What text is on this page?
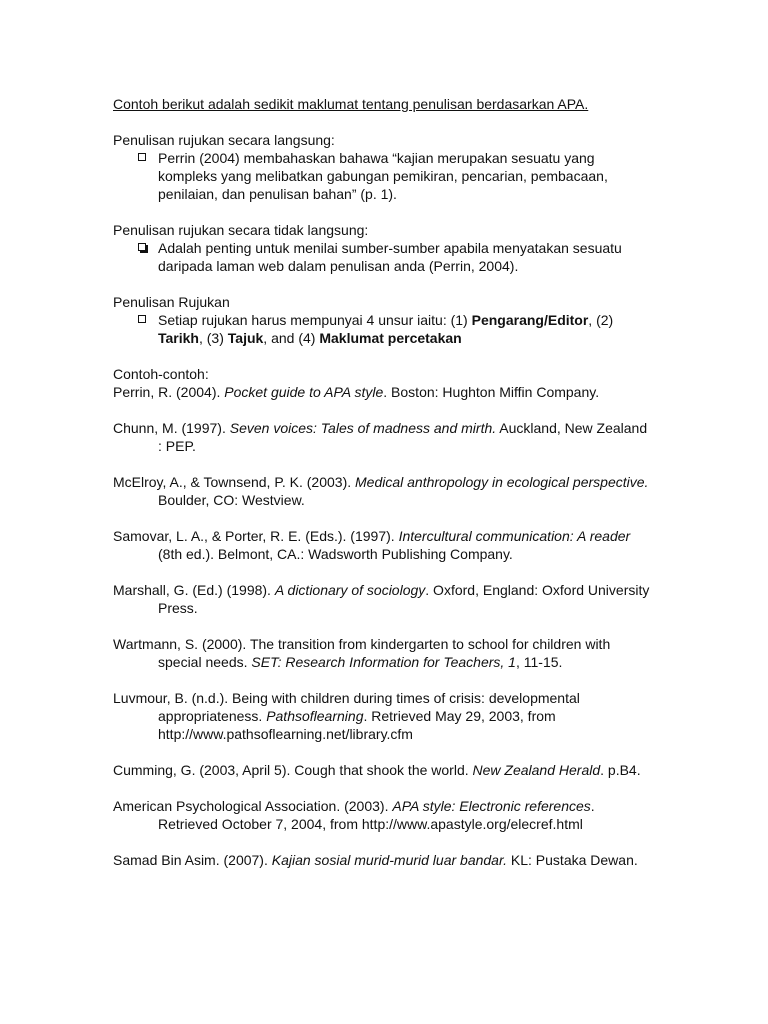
Contoh berikut adalah sedikit maklumat tentang penulisan berdasarkan APA.

Penulisan rujukan secara langsung:

Perrin (2004) membahaskan bahawa “kajian merupakan sesuatu yang kompleks yang melibatkan gabungan pemikiran, pencarian, pembacaan, penilaian, dan penulisan bahan” (p. 1).

Penulisan rujukan secara tidak langsung:

Adalah penting untuk menilai sumber-sumber apabila menyatakan sesuatu daripada laman web dalam penulisan anda (Perrin, 2004).

Penulisan Rujukan

Setiap rujukan harus mempunyai 4 unsur iaitu: (1) Pengarang/Editor, (2) Tarikh, (3) Tajuk, and (4) Maklumat percetakan

Contoh-contoh:

Perrin, R. (2004). Pocket guide to APA style. Boston: Hughton Miffin Company.

Chunn, M. (1997). Seven voices: Tales of madness and mirth. Auckland, New Zealand : PEP.

McElroy, A., & Townsend, P. K. (2003). Medical anthropology in ecological perspective. Boulder, CO: Westview.

Samovar, L. A., & Porter, R. E. (Eds.). (1997). Intercultural communication: A reader (8th ed.). Belmont, CA.: Wadsworth Publishing Company.

Marshall, G. (Ed.) (1998). A dictionary of sociology. Oxford, England: Oxford University Press.

Wartmann, S. (2000). The transition from kindergarten to school for children with special needs. SET: Research Information for Teachers, 1, 11-15.

Luvmour, B. (n.d.). Being with children during times of crisis: developmental appropriateness. Pathsoflearning. Retrieved May 29, 2003, from http://www.pathsoflearning.net/library.cfm

Cumming, G. (2003, April 5). Cough that shook the world. New Zealand Herald. p.B4.

American Psychological Association. (2003). APA style: Electronic references. Retrieved October 7, 2004, from http://www.apastyle.org/elecref.html

Samad Bin Asim. (2007). Kajian sosial murid-murid luar bandar. KL: Pustaka Dewan.
